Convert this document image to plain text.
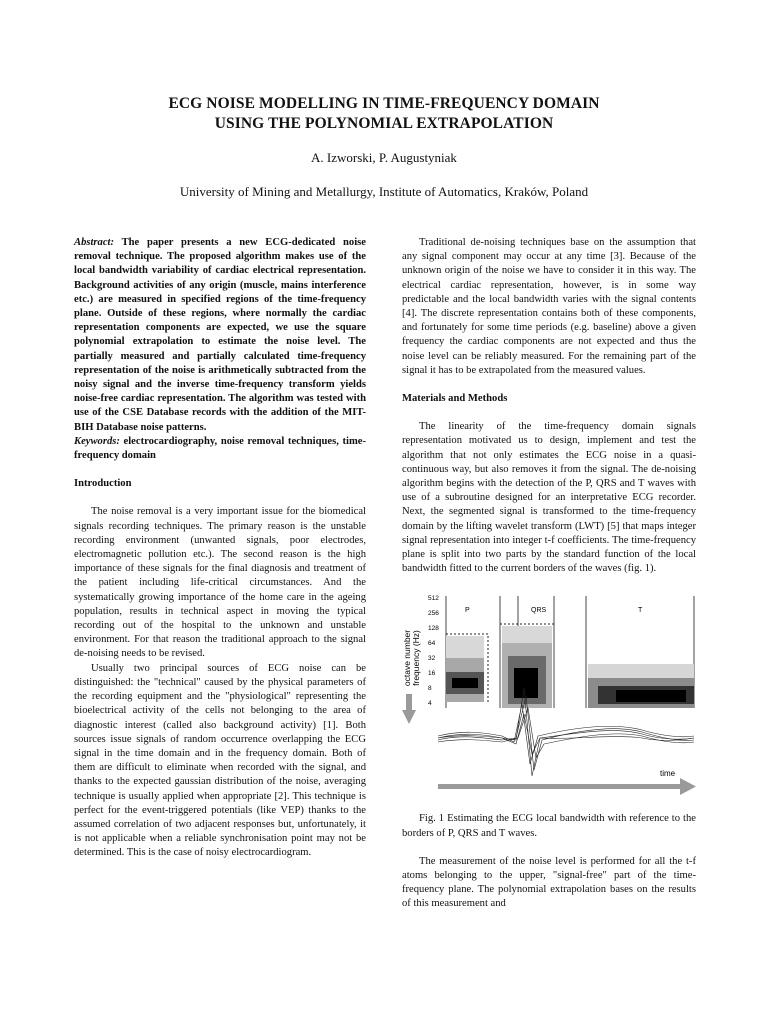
ECG NOISE MODELLING IN TIME-FREQUENCY DOMAIN
USING THE POLYNOMIAL EXTRAPOLATION
A. Izworski, P. Augustyniak
University of Mining and Metallurgy, Institute of Automatics, Kraków, Poland

Abstract: The paper presents a new ECG-dedicated noise removal technique. The proposed algorithm makes use of the local bandwidth variability of cardiac electrical representation. Background activities of any origin (muscle, mains interference etc.) are measured in specified regions of the time-frequency plane. Outside of these regions, where normally the cardiac representation components are expected, we use the square polynomial extrapolation to estimate the noise level. The partially measured and partially calculated time-frequency representation of the noise is arithmetically subtracted from the noisy signal and the inverse time-frequency transform yields noise-free cardiac representation. The algorithm was tested with use of the CSE Database records with the addition of the MIT-BIH Database noise patterns.

Keywords: electrocardiography, noise removal techniques, time-frequency domain

Introduction

The noise removal is a very important issue for the biomedical signals recording techniques. The primary reason is the unstable recording environment (unwanted signals, poor electrodes, electromagnetic pollution etc.). The second reason is the high importance of these signals for the final diagnosis and treatment of the patient including life-critical circumstances. And the systematically growing importance of the home care in the ageing population, results in technical aspect in moving the typical recording out of the hospital to the unknown and unstable environment. For that reason the traditional approach to the signal de-noising needs to be revised.

Usually two principal sources of ECG noise can be distinguished: the "technical" caused by the physical parameters of the recording equipment and the "physiological" representing the bioelectrical activity of the cells not belonging to the area of diagnostic interest (called also background activity) [1]. Both sources issue signals of random occurrence overlapping the ECG signal in the time domain and in the frequency domain. Both of them are difficult to eliminate when recorded with the signal, and thanks to the expected gaussian distribution of the noise, averaging technique is usually applied when appropriate [2]. This technique is perfect for the event-triggered potentials (like VEP) thanks to the assumed correlation of two adjacent responses but, unfortunately, it is not applicable when a reliable synchronisation point may not be determined. This is the case of noisy electrocardiogram.

Traditional de-noising techniques base on the assumption that any signal component may occur at any time [3]. Because of the unknown origin of the noise we have to consider it in this way. The electrical cardiac representation, however, is in some way predictable and the local bandwidth varies with the signal contents [4]. The discrete representation contains both of these components, and fortunately for some time periods (e.g. baseline) above a given frequency the cardiac components are not expected and thus the noise level can be reliably measured. For the remaining part of the signal it has to be extrapolated from the measured values.

Materials and Methods

The linearity of the time-frequency domain signals representation motivated us to design, implement and test the algorithm that not only estimates the ECG noise in a quasi-continuous way, but also removes it from the signal. The de-noising algorithm begins with the detection of the P, QRS and T waves with use of a subroutine designed for an interpretative ECG recorder. Next, the segmented signal is transformed to the time-frequency domain by the lifting wavelet transform (LWT) [5] that maps integer signal representation into integer t-f coefficients. The time-frequency plane is split into two parts by the standard function of the local bandwidth fitted to the current borders of the waves (fig. 1).

octave number frequency (Hz)
512
256
128
64
32
16
8
4
P	QRS	T
time

Fig. 1 Estimating the ECG local bandwidth with reference to the borders of P, QRS and T waves.

The measurement of the noise level is performed for all the t-f atoms belonging to the upper, "signal-free" part of the time-frequency plane. The polynomial extrapolation bases on the results of this measurement and
